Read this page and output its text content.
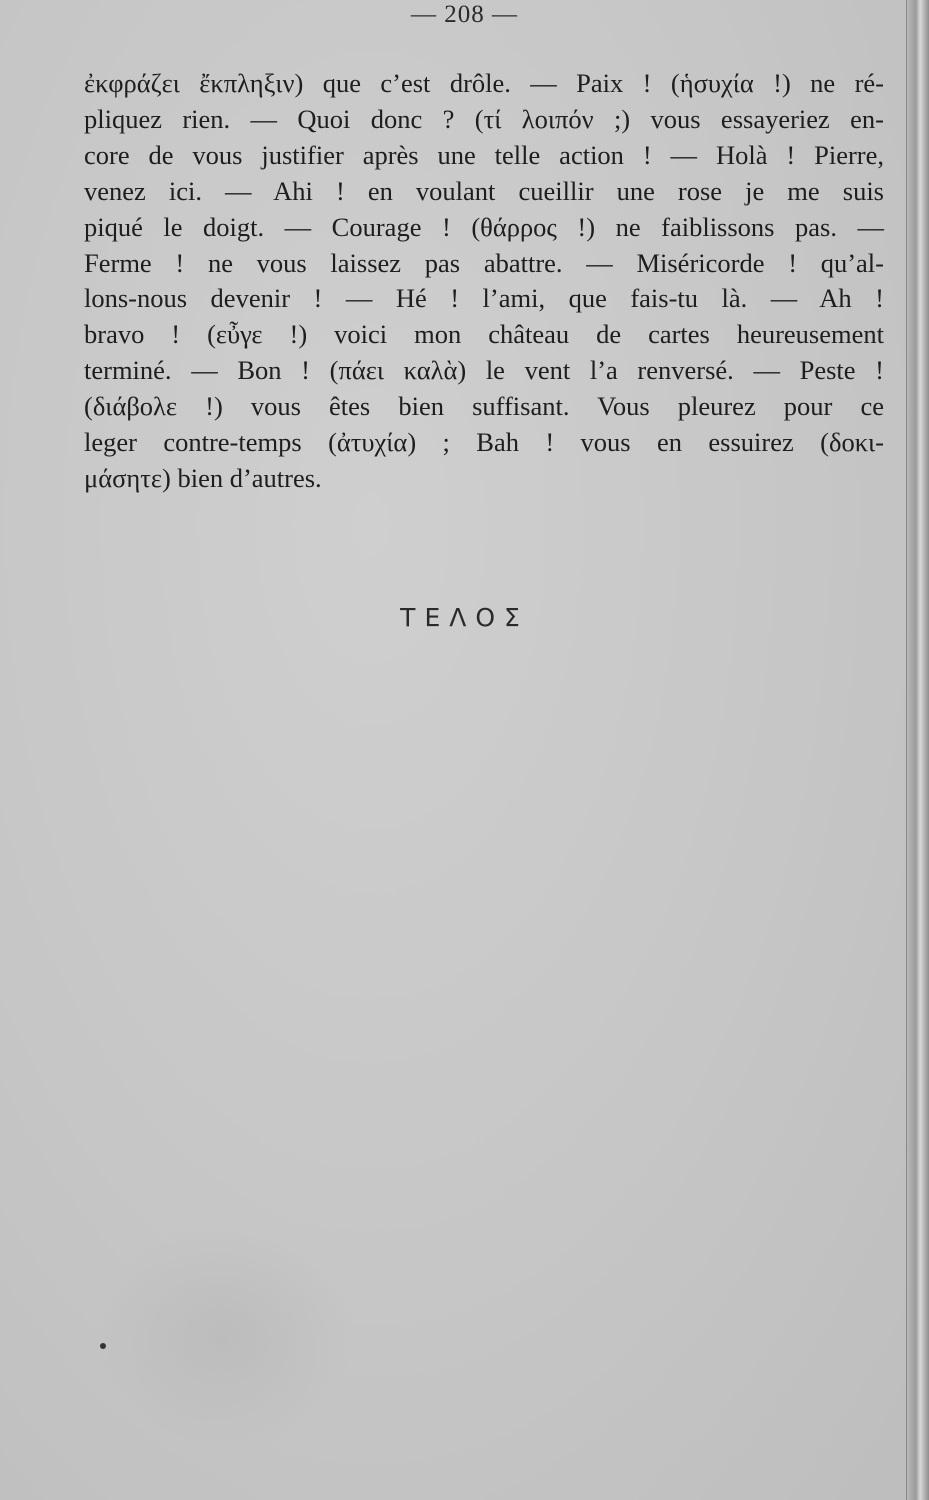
— 208 —
ἐκφράζει ἔκπληξιν) que c’est drôle. — Paix ! (ἡσυχία !) ne ré-
pliquez rien. — Quoi donc ? (τί λοιπόν ;) vous essayeriez en-
core de vous justifier après une telle action ! — Holà ! Pierre,
venez ici. — Ahi ! en voulant cueillir une rose je me suis
piqué le doigt. — Courage ! (θάρρος !) ne faiblissons pas. —
Ferme ! ne vous laissez pas abattre. — Miséricorde ! qu’al-
lons-nous devenir ! — Hé ! l’ami, que fais-tu là. — Ah !
bravo ! (εὖγε !) voici mon château de cartes heureusement
terminé. — Bon ! (πάει καλὰ) le vent l’a renversé. — Peste !
(διάβολε !) vous êtes bien suffisant. Vous pleurez pour ce
leger contre-temps (ἀτυχία) ; Bah ! vous en essuirez (δοκι-
μάσητε) bien d’autres.
ΤΕΛΟΣ
